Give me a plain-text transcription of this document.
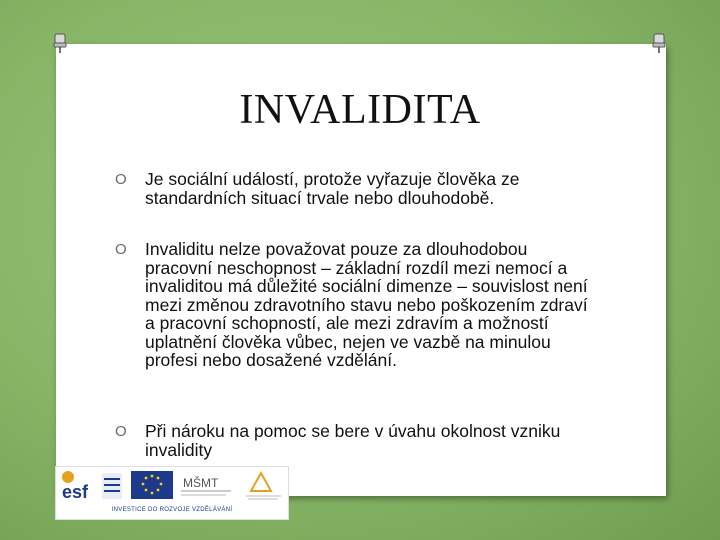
INVALIDITA
O Je sociální událostí, protože vyřazuje člověka ze standardních situací trvale nebo dlouhodobě.
O Invaliditu nelze považovat pouze za dlouhodobou pracovní neschopnost – základní rozdíl mezi nemocí a invaliditou má důležité sociální dimenze – souvislost není mezi změnou zdravotního stavu nebo poškozením zdraví a pracovní schopností, ale mezi zdravím a možností uplatnění člověka vůbec, nejen ve vazbě na minulou profesi nebo dosažené vzdělání.
O Při nároku na pomoc se bere v úvahu okolnost vzniku invalidity
esf	MŠMT
INVESTICE DO ROZVOJE VZDĚLÁVÁNÍ
